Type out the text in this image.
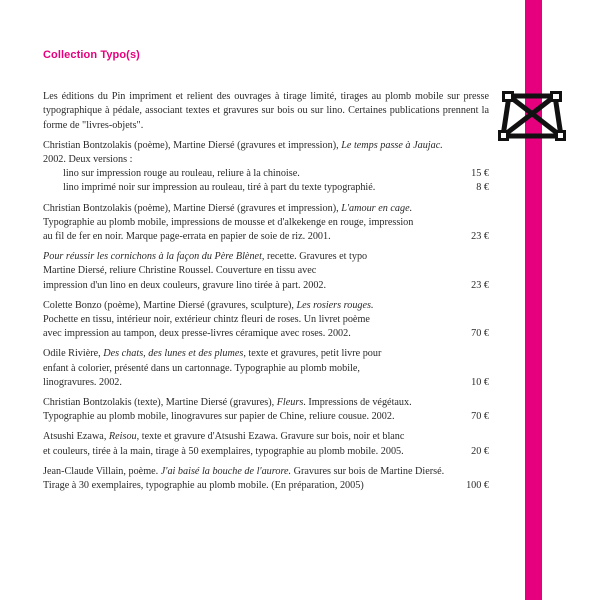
Collection Typo(s)
Les éditions du Pin impriment et relient des ouvrages à tirage limité, tirages au plomb mobile sur presse typographique à pédale, associant textes et gravures sur bois ou sur lino. Certaines publications prennent la forme de "livres-objets".
Christian Bontzolakis (poème), Martine Diersé (gravures et impression), Le temps passe à Jaujac.
2002. Deux versions :
lino sur impression rouge au rouleau, reliure à la chinoise.	15 €
lino imprimé noir sur impression au rouleau, tiré à part du texte typographié.	8 €
Christian Bontzolakis (poème), Martine Diersé (gravures et impression), L'amour en cage.
Typographie au plomb mobile, impressions de mousse et d'alkekenge en rouge, impression
au fil de fer en noir. Marque page-errata en papier de soie de riz. 2001.	23 €
Pour réussir les cornichons à la façon du Père Blènet, recette. Gravures et typo
Martine Diersé, reliure Christine Roussel. Couverture en tissu avec
impression d'un lino en deux couleurs, gravure lino tirée à part. 2002.	23 €
Colette Bonzo (poème), Martine Diersé (gravures, sculpture), Les rosiers rouges.
Pochette en tissu, intérieur noir, extérieur chintz fleuri de roses. Un livret poème
avec impression au tampon, deux presse-livres céramique avec roses. 2002.	70 €
Odile Rivière, Des chats, des lunes et des plumes, texte et gravures, petit livre pour
enfant à colorier, présenté dans un cartonnage. Typographie au plomb mobile,
linogravures. 2002.	10 €
Christian Bontzolakis (texte), Martine Diersé (gravures), Fleurs. Impressions de végétaux.
Typographie au plomb mobile, linogravures sur papier de Chine, reliure cousue. 2002.	70 €
Atsushi Ezawa, Reisou, texte et gravure d'Atsushi Ezawa. Gravure sur bois, noir et blanc
et couleurs, tirée à la main, tirage à 50 exemplaires, typographie au plomb mobile. 2005.	20 €
Jean-Claude Villain, poème. J'ai baisé la bouche de l'aurore. Gravures sur bois de Martine Diersé.
Tirage à 30 exemplaires, typographie au plomb mobile. (En préparation, 2005)	100 €
